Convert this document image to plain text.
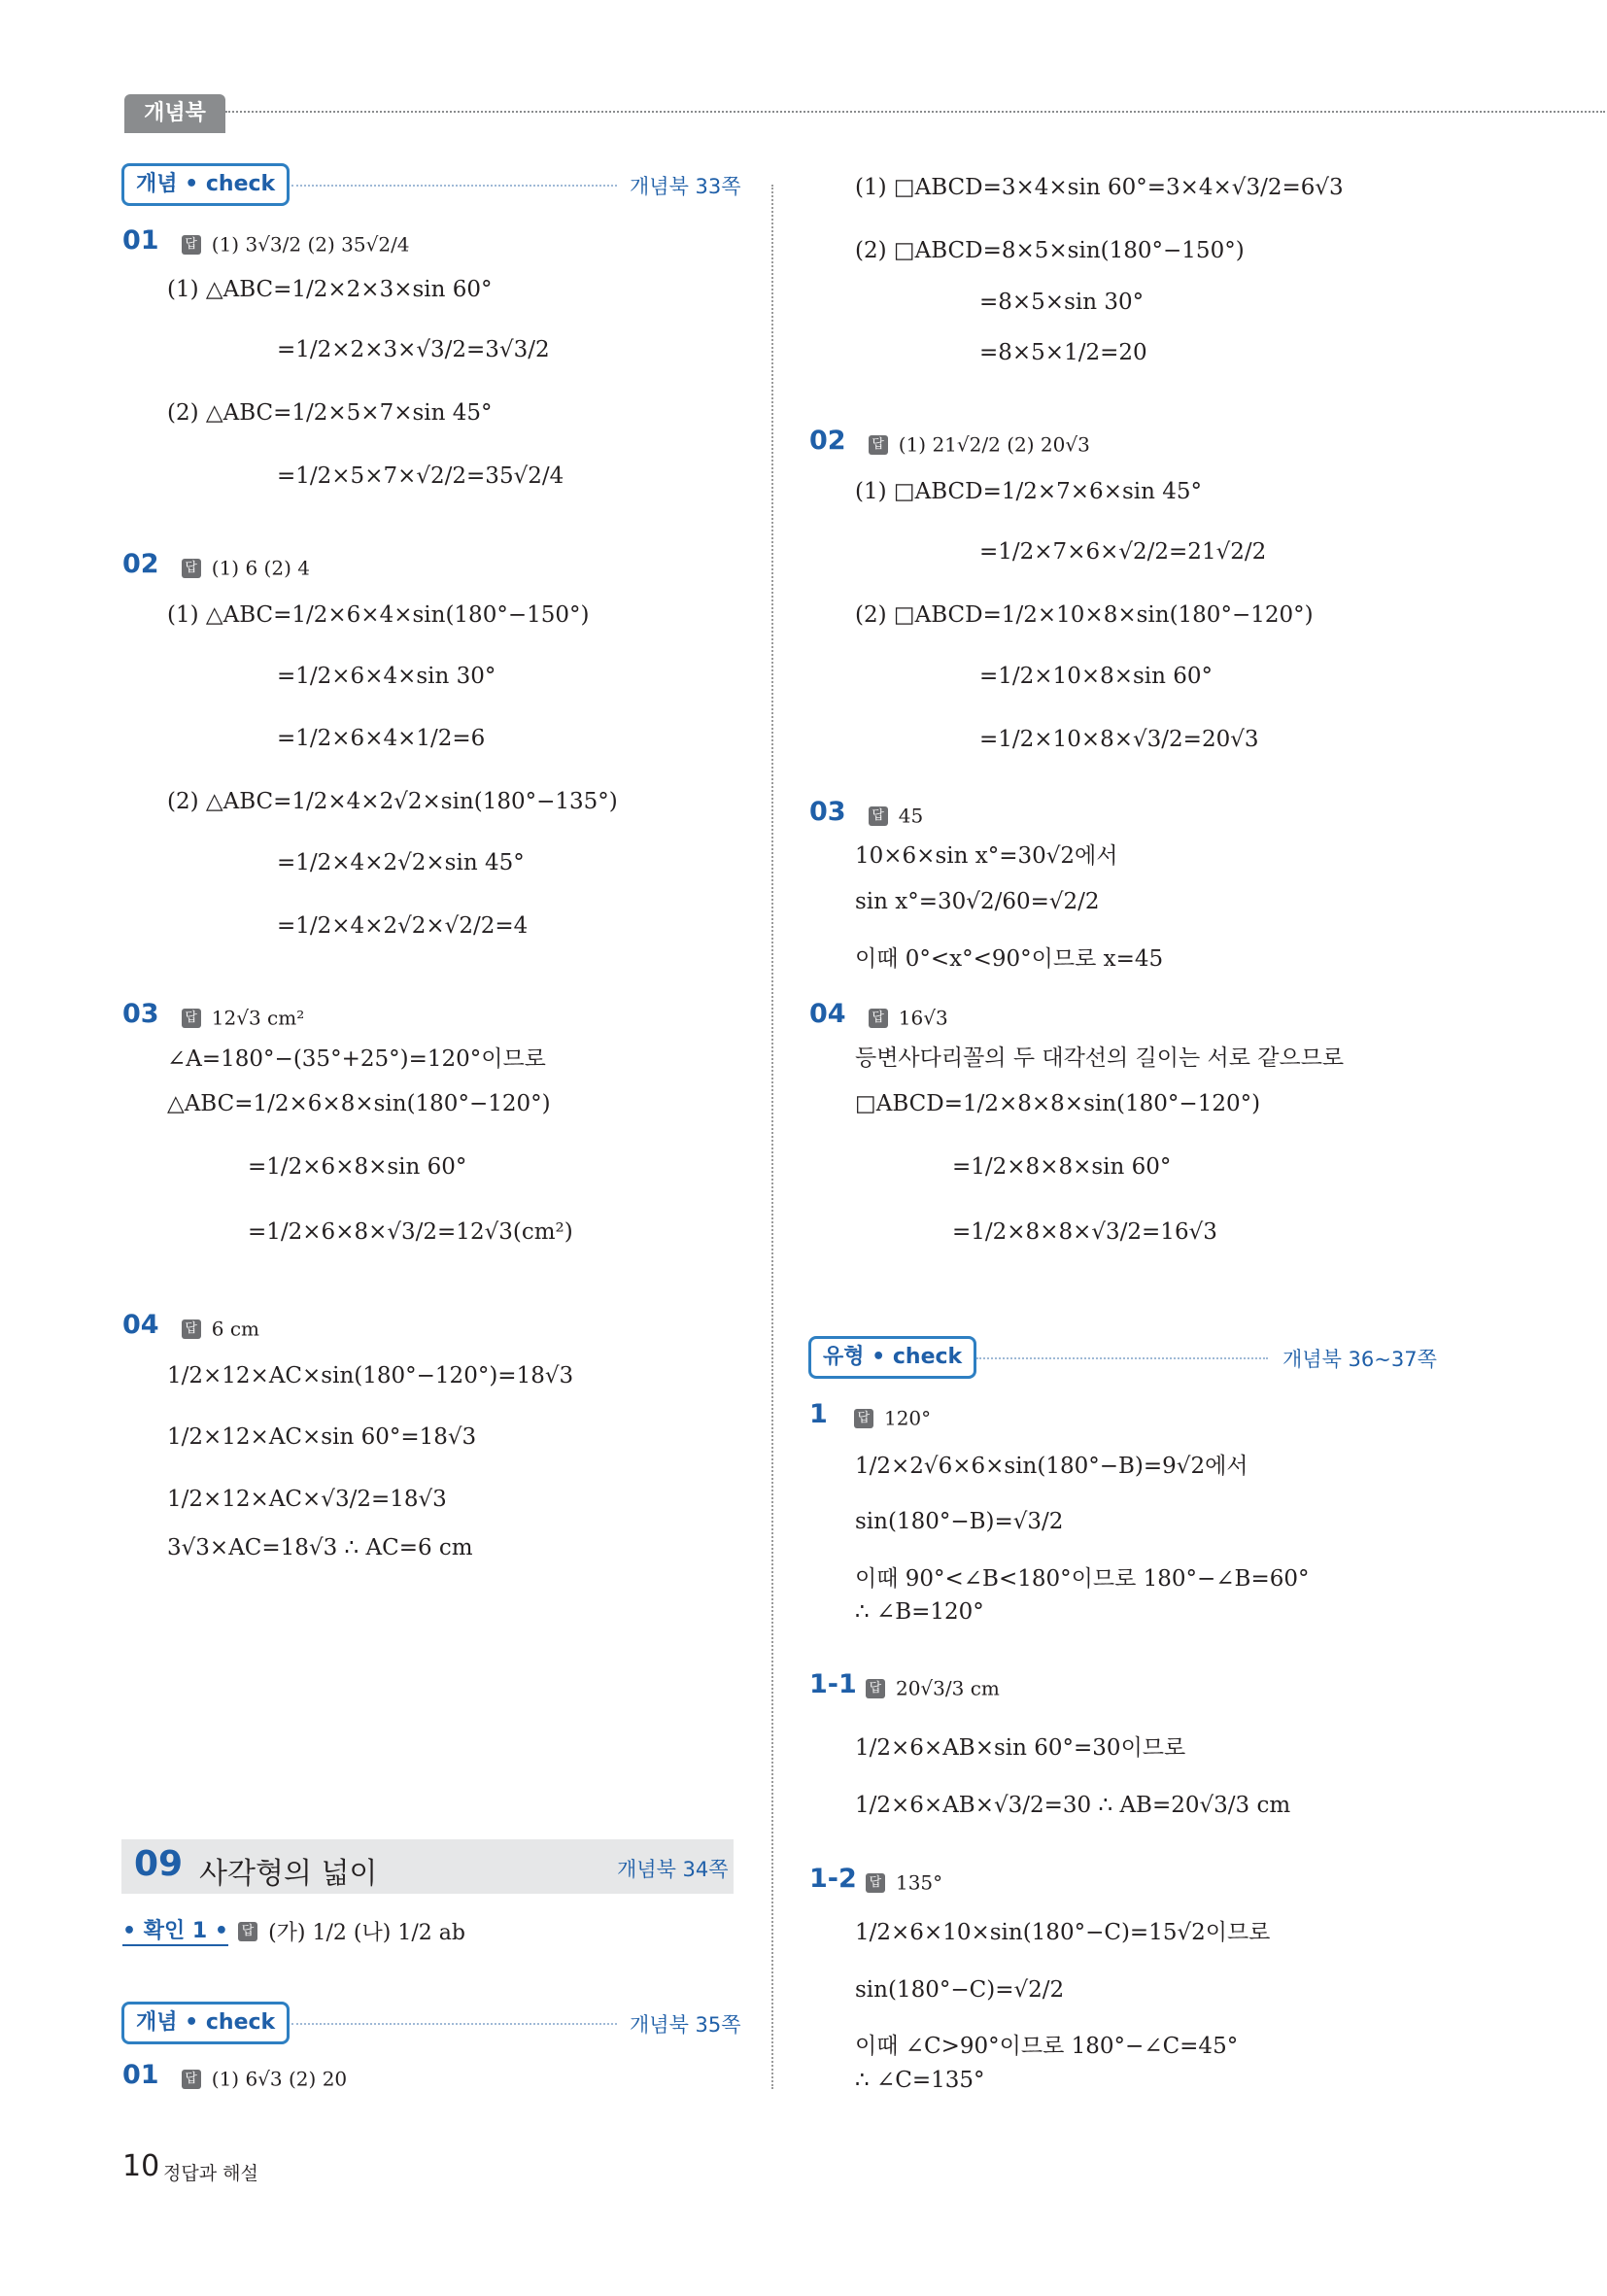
개념북
개념 • check	개념북 33쪽
01 답 (1) 3√3/2 (2) 35√2/4
(1) △ABC=1/2×2×3×sin 60°
=1/2×2×3×√3/2=3√3/2
(2) △ABC=1/2×5×7×sin 45°
=1/2×5×7×√2/2=35√2/4
02 답 (1) 6 (2) 4
(1) △ABC=1/2×6×4×sin(180°−150°)
=1/2×6×4×sin 30°
=1/2×6×4×1/2=6
(2) △ABC=1/2×4×2√2×sin(180°−135°)
=1/2×4×2√2×sin 45°
=1/2×4×2√2×√2/2=4
03 답 12√3 cm²
∠A=180°−(35°+25°)=120°이므로
△ABC=1/2×6×8×sin(180°−120°)
=1/2×6×8×sin 60°
=1/2×6×8×√3/2=12√3(cm²)
04 답 6 cm
1/2×12×AC×sin(180°−120°)=18√3
1/2×12×AC×sin 60°=18√3
1/2×12×AC×√3/2=18√3
3√3×AC=18√3 ∴ AC=6 cm
09 사각형의 넓이	개념북 34쪽
• 확인 1 • 답 (가) 1/2 (나) 1/2 ab
개념 • check	개념북 35쪽
01 답 (1) 6√3 (2) 20
(1) □ABCD=3×4×sin 60°=3×4×√3/2=6√3
(2) □ABCD=8×5×sin(180°−150°)
=8×5×sin 30°
=8×5×1/2=20
02 답 (1) 21√2/2 (2) 20√3
(1) □ABCD=1/2×7×6×sin 45°
=1/2×7×6×√2/2=21√2/2
(2) □ABCD=1/2×10×8×sin(180°−120°)
=1/2×10×8×sin 60°
=1/2×10×8×√3/2=20√3
03 답 45
10×6×sin x°=30√2에서
sin x°=30√2/60=√2/2
이때 0°<x°<90°이므로 x=45
04 답 16√3
등변사다리꼴의 두 대각선의 길이는 서로 같으므로
□ABCD=1/2×8×8×sin(180°−120°)
=1/2×8×8×sin 60°
=1/2×8×8×√3/2=16√3
유형 • check	개념북 36~37쪽
1 답 120°
1/2×2√6×6×sin(180°−B)=9√2에서
sin(180°−B)=√3/2
이때 90°<∠B<180°이므로 180°−∠B=60°
∴ ∠B=120°
1-1 답 20√3/3 cm
1/2×6×AB×sin 60°=30이므로
1/2×6×AB×√3/2=30 ∴ AB=20√3/3 cm
1-2 답 135°
1/2×6×10×sin(180°−C)=15√2이므로
sin(180°−C)=√2/2
이때 ∠C>90°이므로 180°−∠C=45°
∴ ∠C=135°
10 정답과 해설
